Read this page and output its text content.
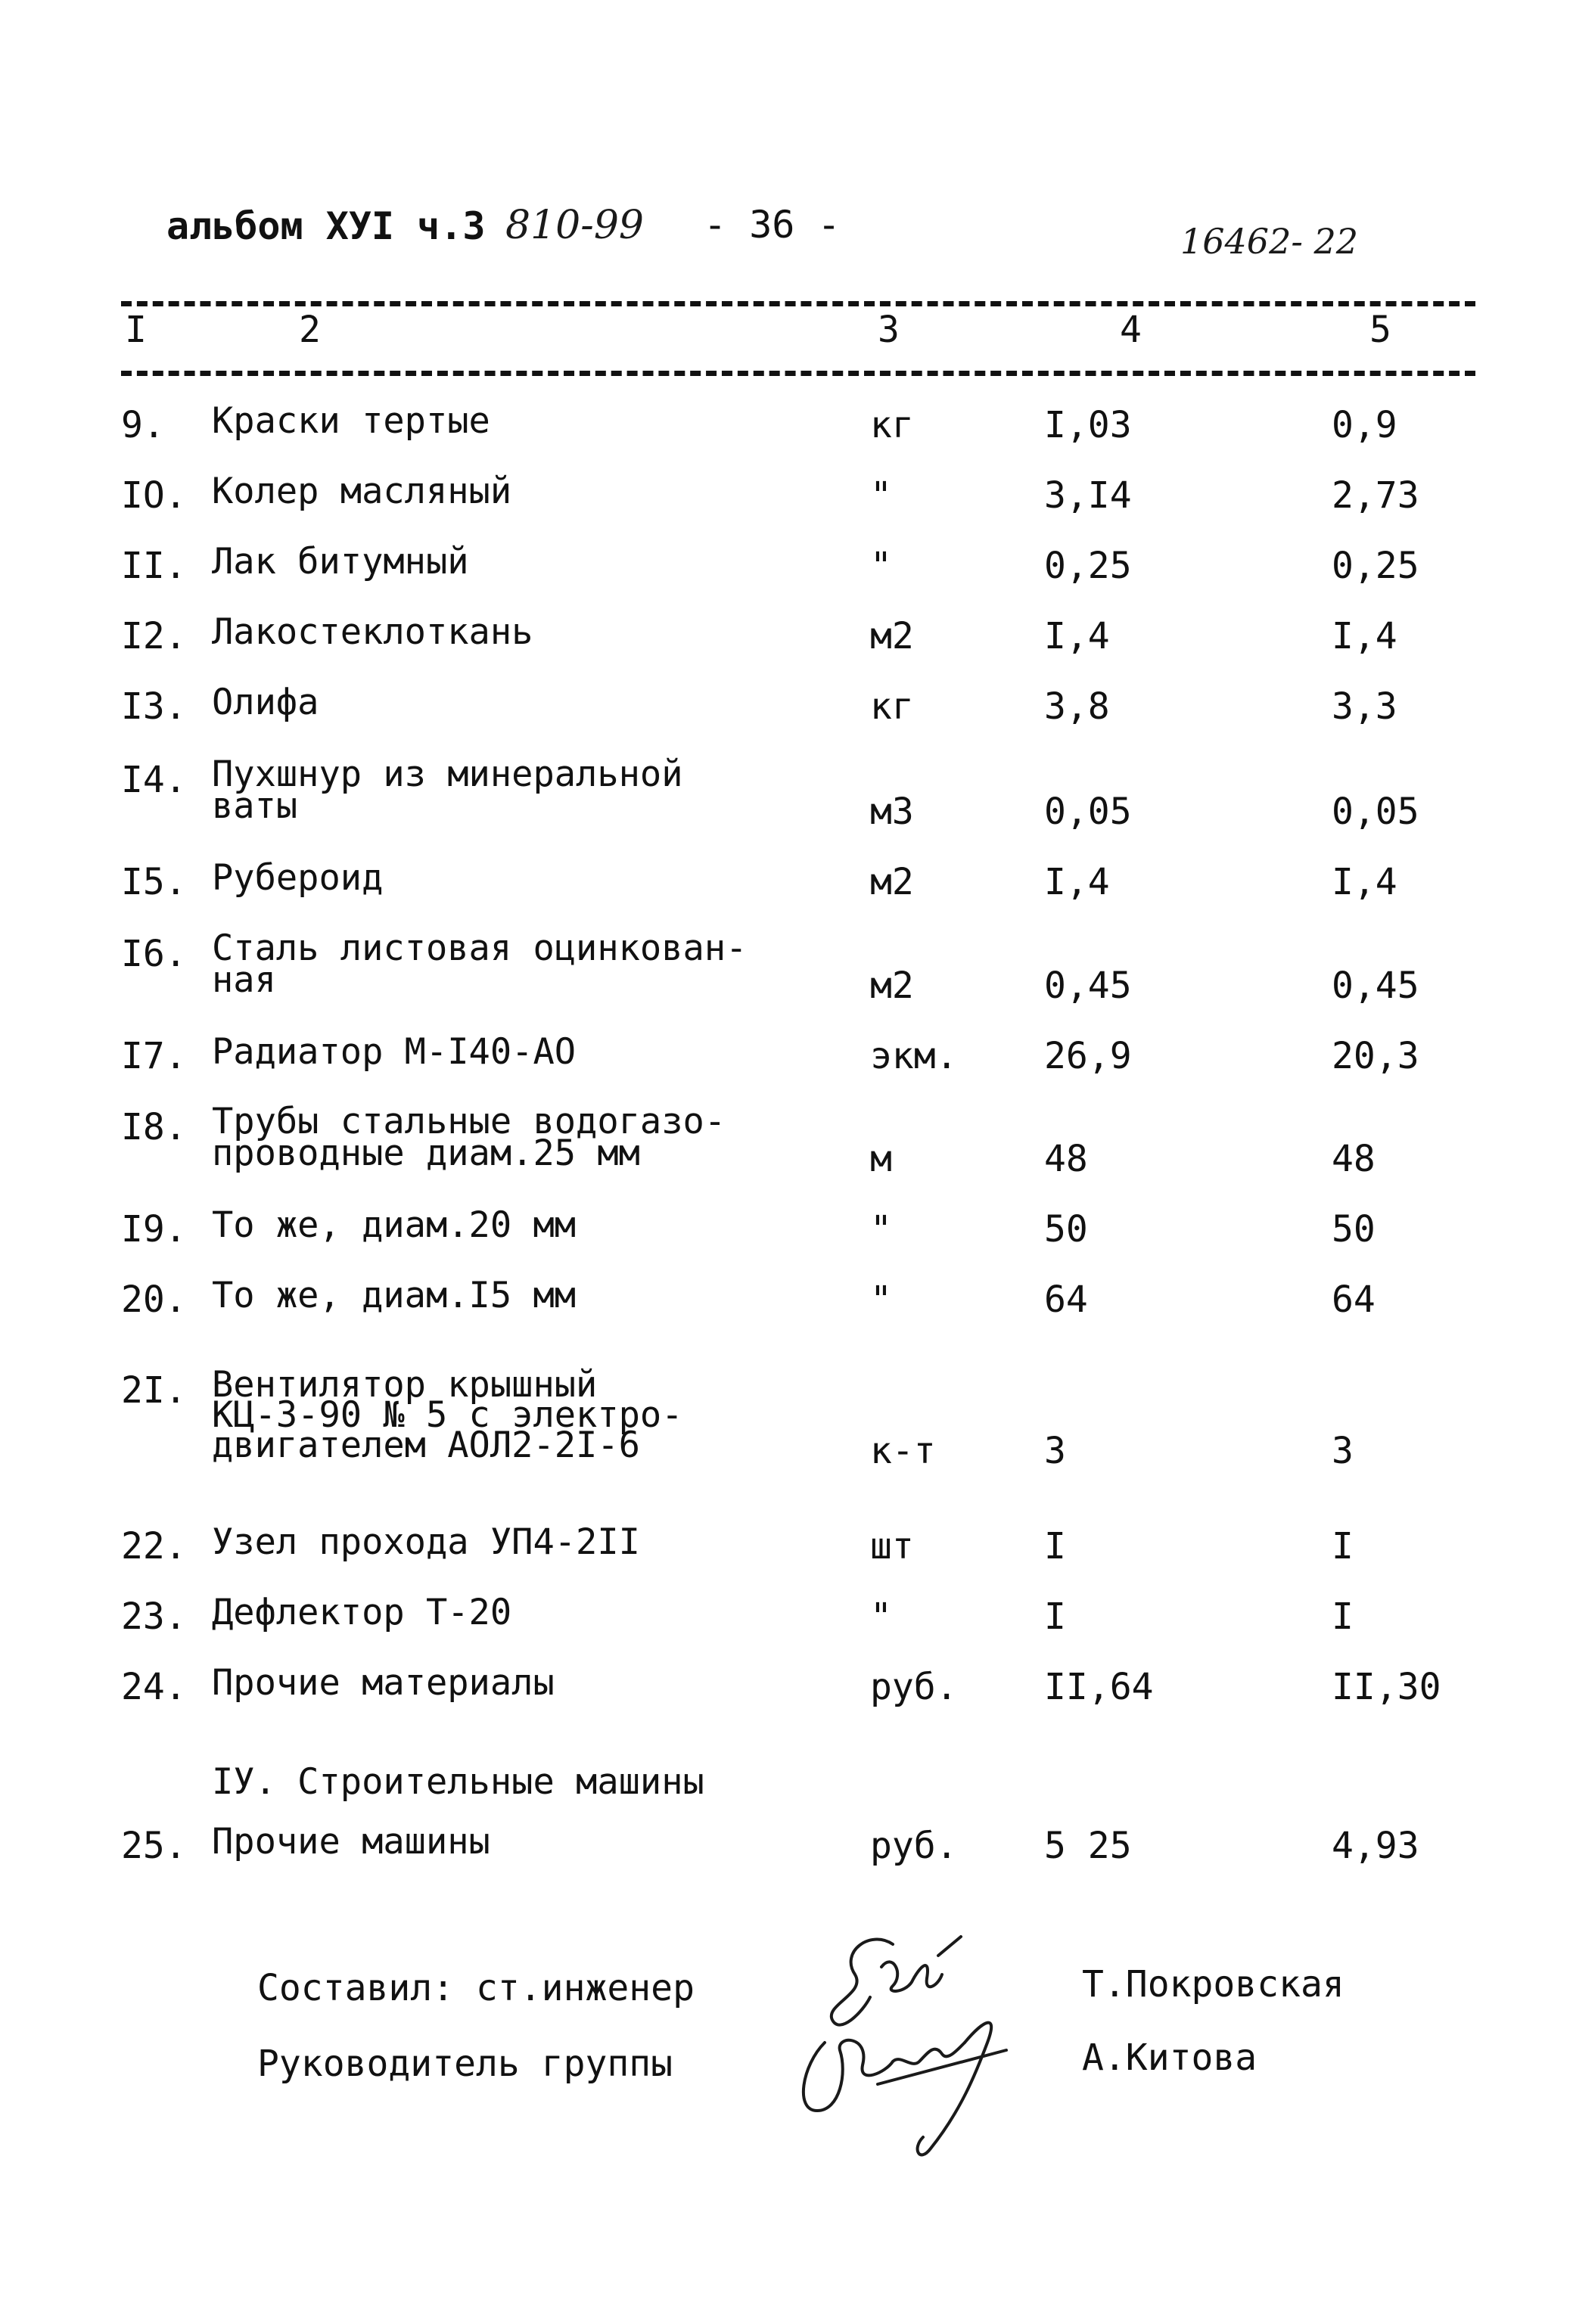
альбом ХУI ч.3 810-99 - 36 -	16462- 22
I	2	3	4	5
9. Краски тертые	кг	I,03	0,9
IO. Колер масляный	"	3,I4	2,73
II. Лак битумный	"	0,25	0,25
I2. Лакостеклоткань	м2	I,4	I,4
I3. Олифа	кг	3,8	3,3
I4. Пухшнур из минеральной
ваты	м3	0,05	0,05
I5. Рубероид	м2	I,4	I,4
I6. Сталь листовая оцинкован-
ная	м2	0,45	0,45
I7. Радиатор М-I40-АО	экм. 26,9	20,3
I8. Трубы стальные водогазо-
проводные диам.25 мм	м	48	48
I9. То же, диам.20 мм	"	50	50
20. То же, диам.I5 мм	"	64	64
2I. Вентилятор крышный
КЦ-3-90 № 5 с электро-
двигателем АОЛ2-2I-6	к-т	3	3
22. Узел прохода УП4-2II	шт	I	I
23. Дефлектор Т-20	"	I	I
24. Прочие материалы	руб. II,64	II,30
IУ. Строительные машины
25. Прочие машины	руб. 5 25	4,93
Составил: ст.инженер
Руководитель группы
Т.Покровская
А.Китова
